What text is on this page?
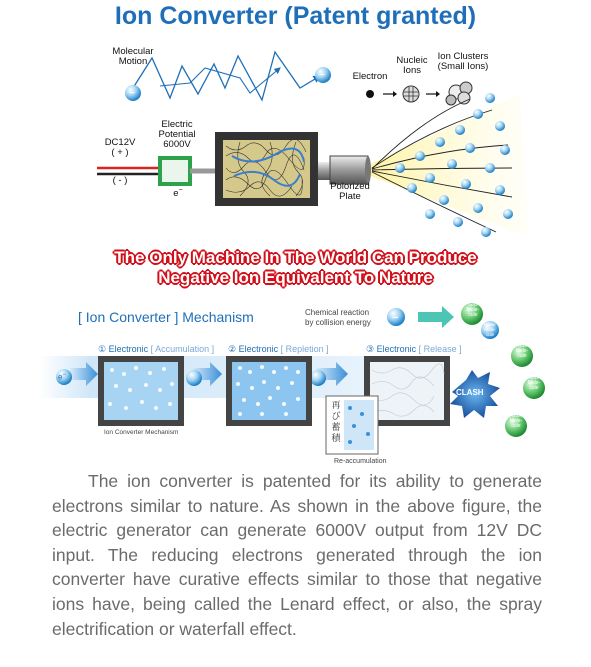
Ion Converter (Patent granted)
−
−
Molecular
Motion
Electron
Nucleic
Ions
Ion Clusters
(Small Ions)
DC12V
( + )
( - )
Electric
Potential
6000V
e−	Polorized
Plate
The Only Machine In The World Can Produce
Negative Ion Equivalent To Nature
[ Ion Converter ] Mechanism	Chemical reaction
by collision energy
① Electronic [ Accumulation ] ② Electronic [ Repletion ]	③ Electronic [ Release ]
−
Gas
Mole-
cule
Water
Mole-
cule
Gas
Mole-
cule
Gas
Mole-
cule
Gas
Mole-
cule
CLASH
e−
e−
再
び
蓄
積
Ion Converter Mechanism
Re-accumulation
The ion converter is patented for its ability to generate electrons similar to nature. As shown in the above figure, the electric generator can generate 6000V output from 12V DC input. The reducing electrons generated through the ion converter have curative effects similar to those that negative ions have, being called the Lenard effect, or also, the spray electrification or waterfall effect.
